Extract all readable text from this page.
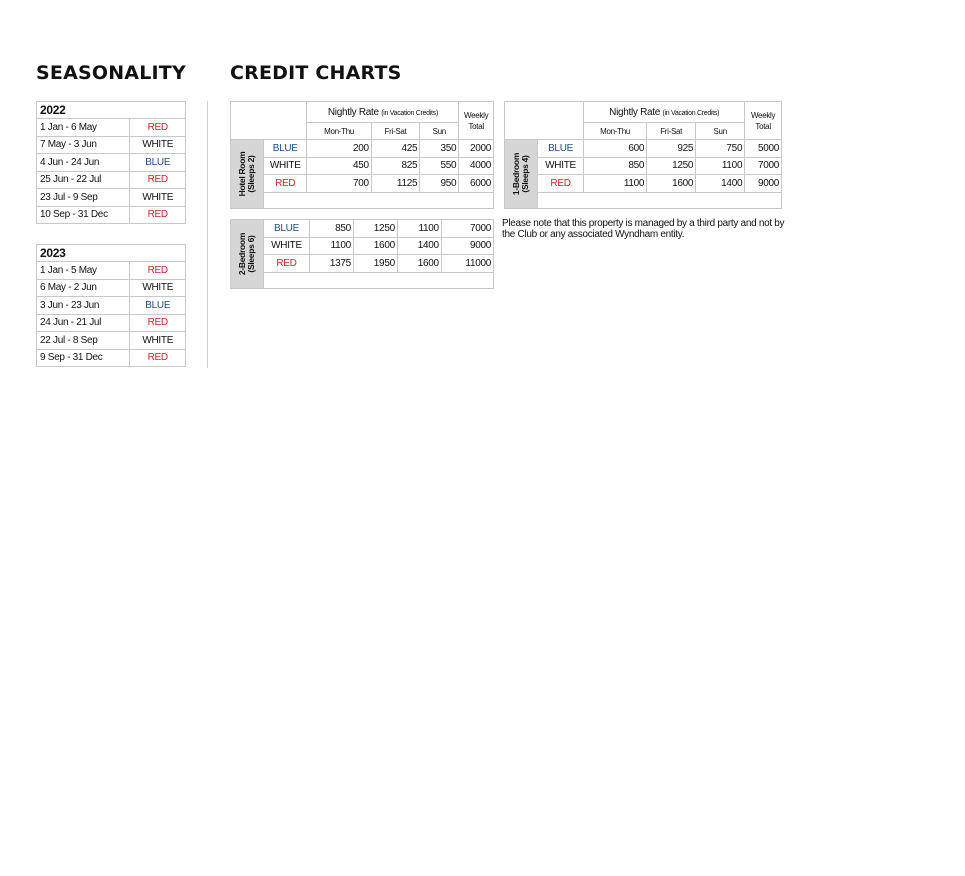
SEASONALITY CREDIT CHARTS
2022	
1 Jan - 6 May	RED
7 May - 3 Jun	WHITE
4 Jun - 24 Jun	BLUE
25 Jun - 22 Jul	RED
23 Jul - 9 Sep	WHITE
10 Sep - 31 Dec	RED
2023	
1 Jan - 5 May	RED
6 May - 2 Jun	WHITE
3 Jun - 23 Jun	BLUE
24 Jun - 21 Jul	RED
22 Jul - 8 Sep	WHITE
9 Sep - 31 Dec	RED
		Nightly Rate (in Vacation Credits)			Weekly
Total
		Mon-Thu	Fri-Sat	Sun	

Hotel Room
(Sleeps 2)	BLUE	200	425	350	2000
	WHITE	450	825	550	4000
	RED	700	1125	950	6000

		Nightly Rate (in Vacation Credits)			Weekly
Total
		Mon-Thu	Fri-Sat	Sun	

1-Bedroom
(Sleeps 4)	BLUE	600	925	750	5000
	WHITE	850	1250	1100	7000
	RED	1100	1600	1400	9000

2-Bedroom
(Sleeps 6)	BLUE	850	1250	1100	7000
	WHITE	1100	1600	1400	9000
	RED	1375	1950	1600	11000

Please note that this property is managed by a third party and not by the Club or any associated Wyndham entity.
